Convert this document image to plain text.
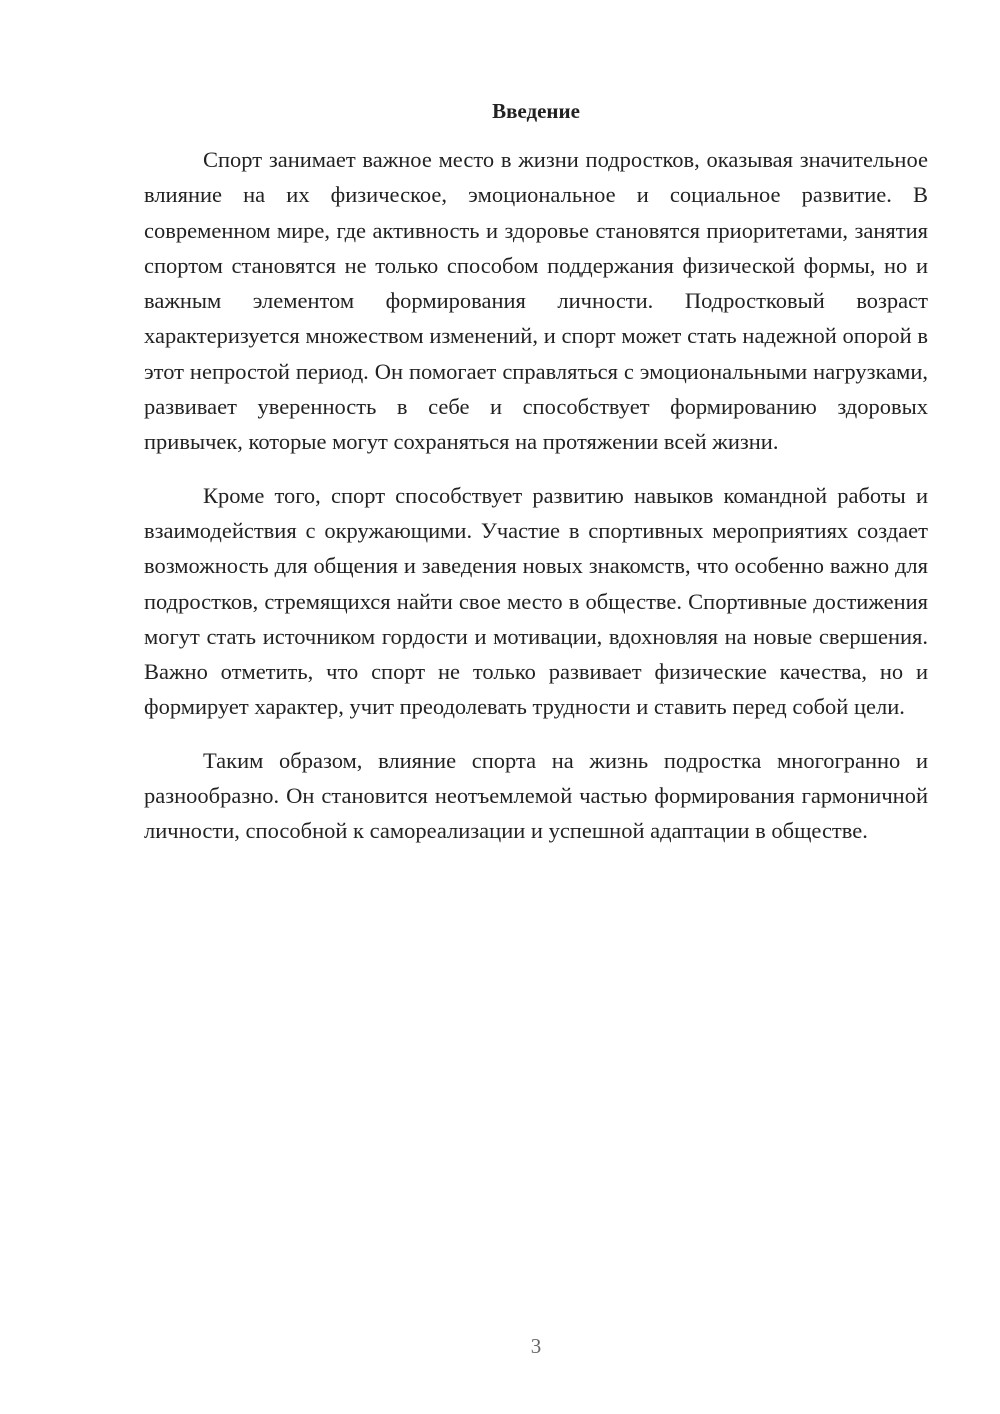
Введение

Спорт занимает важное место в жизни подростков, оказывая значительное влияние на их физическое, эмоциональное и социальное развитие. В современном мире, где активность и здоровье становятся приоритетами, занятия спортом становятся не только способом поддержания физической формы, но и важным элементом формирования личности. Подростковый возраст характеризуется множеством изменений, и спорт может стать надежной опорой в этот непростой период. Он помогает справляться с эмоциональными нагрузками, развивает уверенность в себе и способствует формированию здоровых привычек, которые могут сохраняться на протяжении всей жизни.

Кроме того, спорт способствует развитию навыков командной работы и взаимодействия с окружающими. Участие в спортивных мероприятиях создает возможность для общения и заведения новых знакомств, что особенно важно для подростков, стремящихся найти свое место в обществе. Спортивные достижения могут стать источником гордости и мотивации, вдохновляя на новые свершения. Важно отметить, что спорт не только развивает физические качества, но и формирует характер, учит преодолевать трудности и ставить перед собой цели.

Таким образом, влияние спорта на жизнь подростка многогранно и разнообразно. Он становится неотъемлемой частью формирования гармоничной личности, способной к самореализации и успешной адаптации в обществе.

3
